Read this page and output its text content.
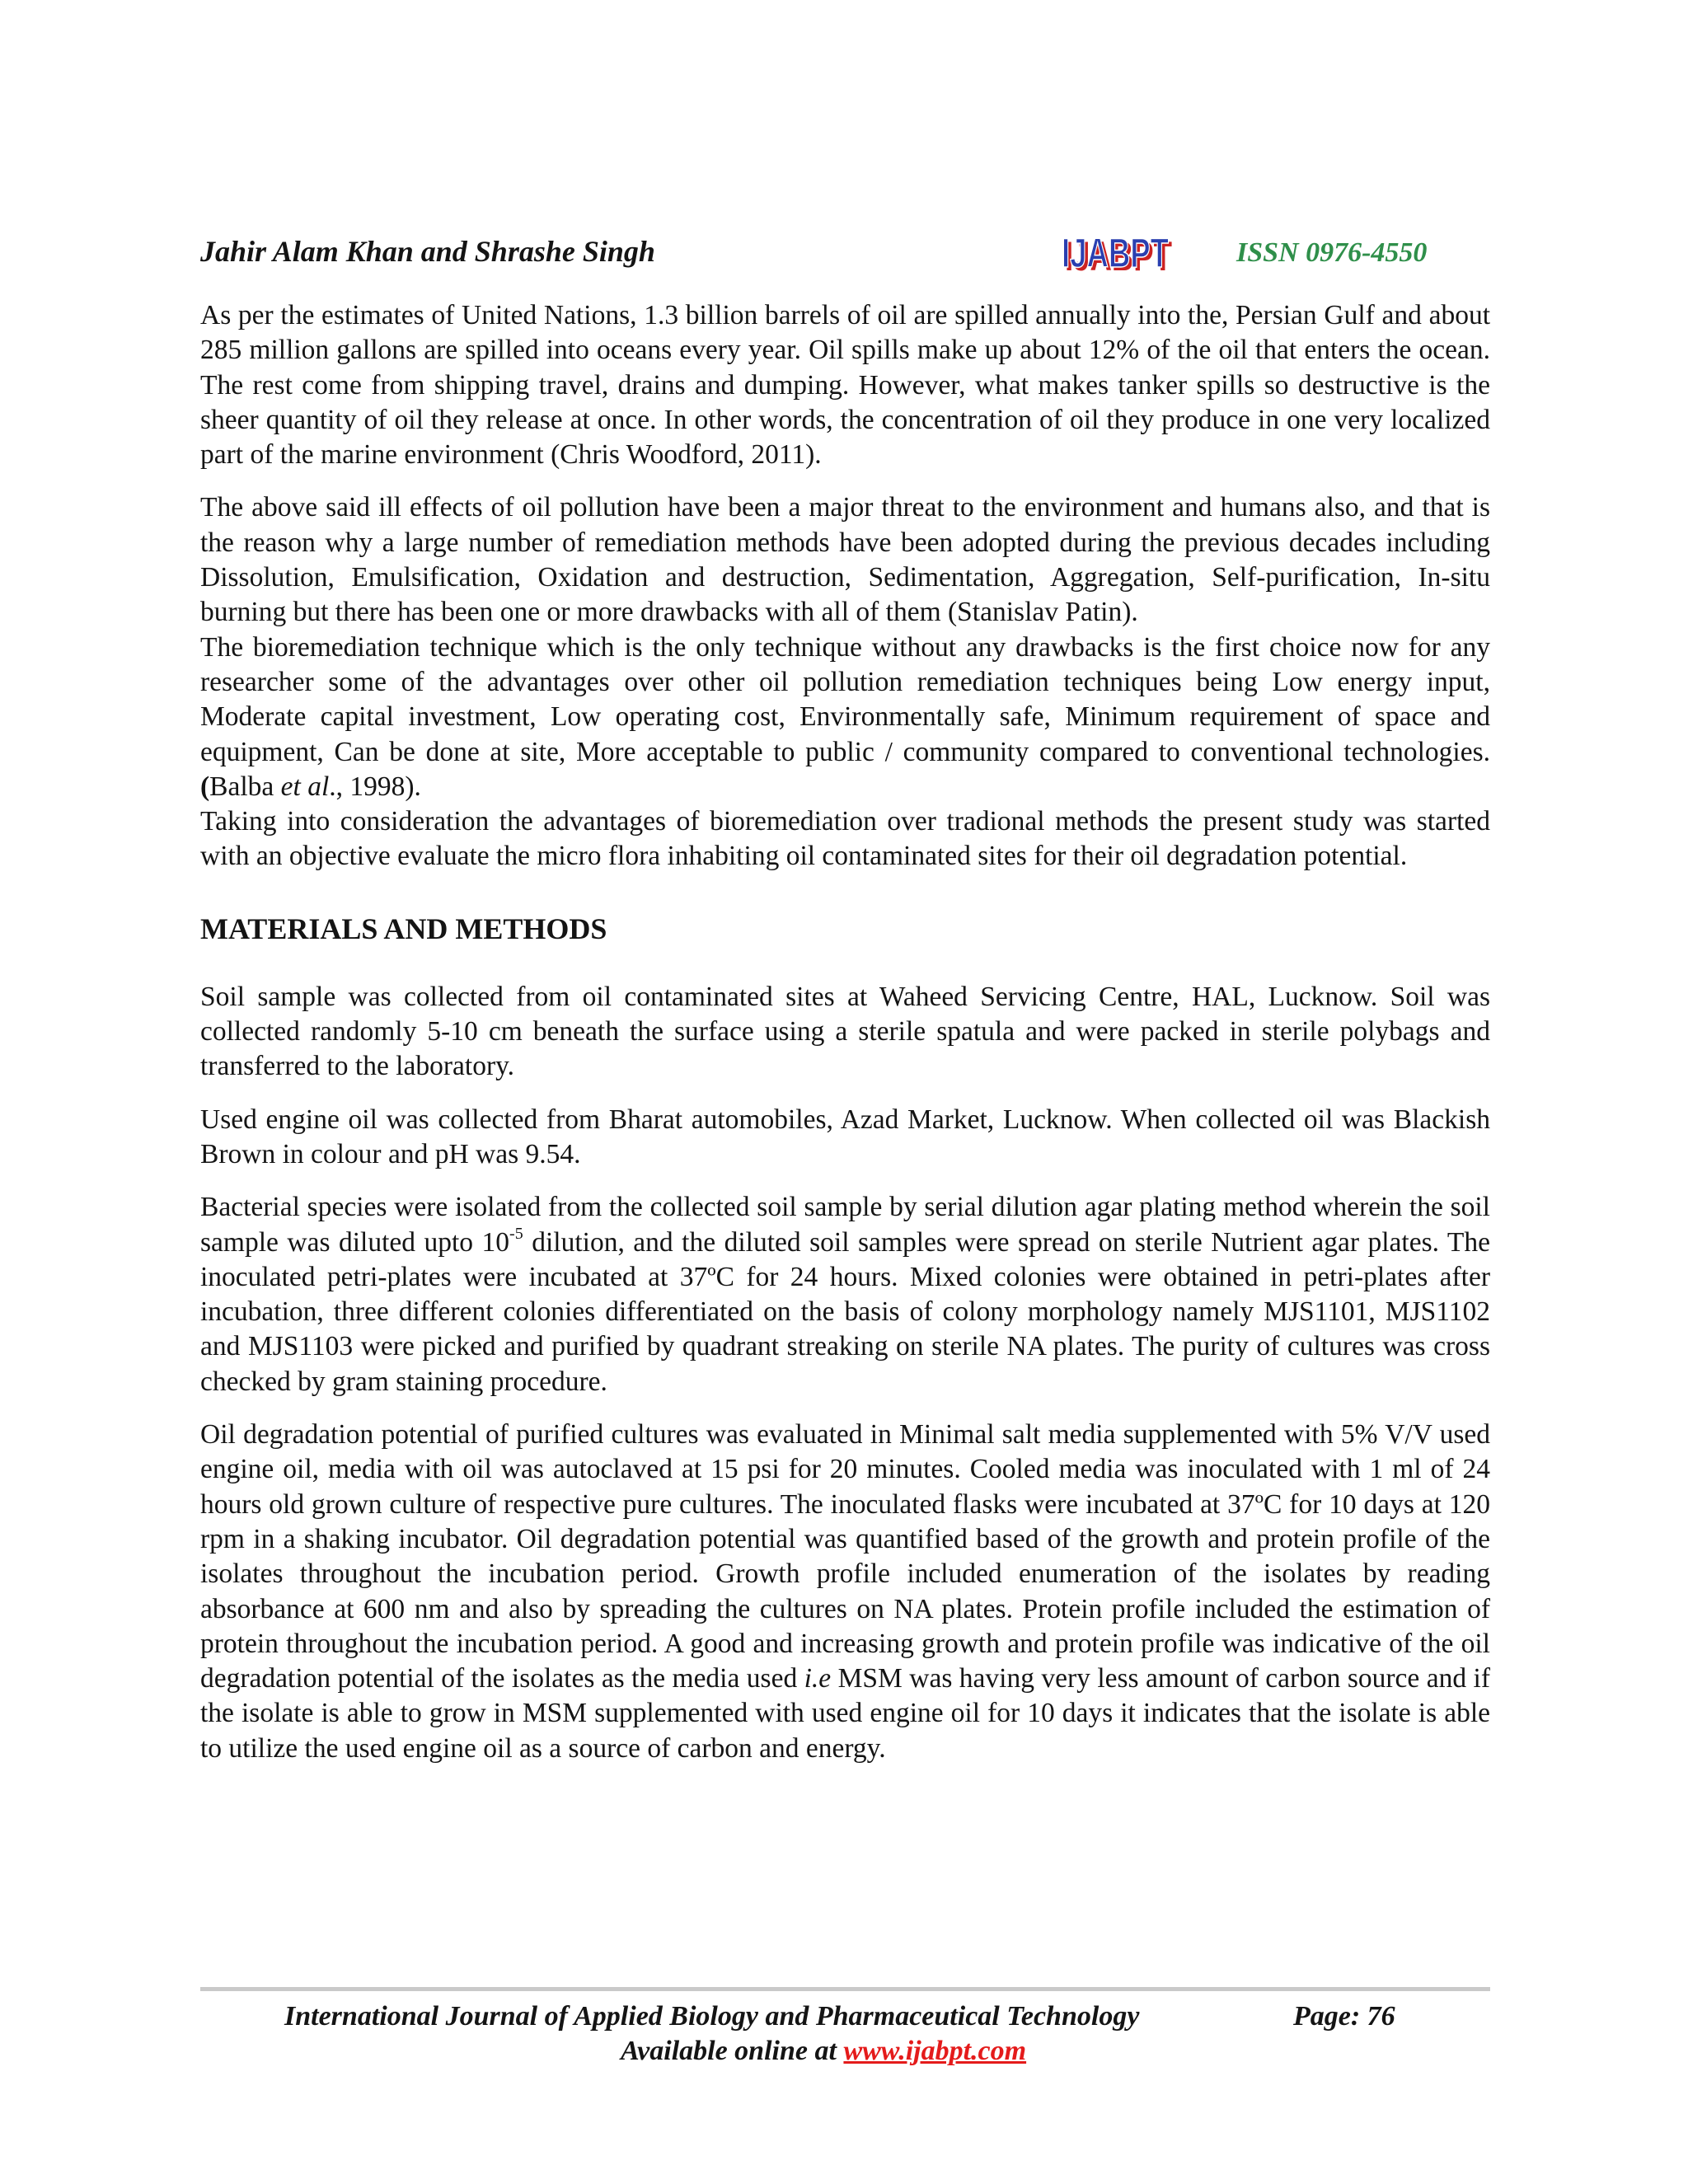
Jahir Alam Khan and Shrashe Singh	IJABPT
IJABPT ISSN 0976-4550

As per the estimates of United Nations, 1.3 billion barrels of oil are spilled annually into the, Persian Gulf and about 285 million gallons are spilled into oceans every year. Oil spills make up about 12% of the oil that enters the ocean. The rest come from shipping travel, drains and dumping. However, what makes tanker spills so destructive is the sheer quantity of oil they release at once. In other words, the concentration of oil they produce in one very localized part of the marine environment (Chris Woodford, 2011).

The above said ill effects of oil pollution have been a major threat to the environment and humans also, and that is the reason why a large number of remediation methods have been adopted during the previous decades including Dissolution, Emulsification, Oxidation and destruction, Sedimentation, Aggregation, Self-purification, In-situ burning but there has been one or more drawbacks with all of them (Stanislav Patin).

The bioremediation technique which is the only technique without any drawbacks is the first choice now for any researcher some of the advantages over other oil pollution remediation techniques being Low energy input, Moderate capital investment, Low operating cost, Environmentally safe, Minimum requirement of space and equipment, Can be done at site, More acceptable to public / community compared to conventional technologies. (Balba et al., 1998).

Taking into consideration the advantages of bioremediation over tradional methods the present study was started with an objective evaluate the micro flora inhabiting oil contaminated sites for their oil degradation potential.

MATERIALS AND METHODS

Soil sample was collected from oil contaminated sites at Waheed Servicing Centre, HAL, Lucknow. Soil was collected randomly 5-10 cm beneath the surface using a sterile spatula and were packed in sterile polybags and transferred to the laboratory.

Used engine oil was collected from Bharat automobiles, Azad Market, Lucknow. When collected oil was Blackish Brown in colour and pH was 9.54.

Bacterial species were isolated from the collected soil sample by serial dilution agar plating method wherein the soil sample was diluted upto $10^{-5}$ dilution, and the diluted soil samples were spread on sterile Nutrient agar plates. The inoculated petri-plates were incubated at 37ºC for 24 hours. Mixed colonies were obtained in petri-plates after incubation, three different colonies differentiated on the basis of colony morphology namely MJS1101, MJS1102 and MJS1103 were picked and purified by quadrant streaking on sterile NA plates. The purity of cultures was cross checked by gram staining procedure.

Oil degradation potential of purified cultures was evaluated in Minimal salt media supplemented with 5% V/V used engine oil, media with oil was autoclaved at 15 psi for 20 minutes. Cooled media was inoculated with 1 ml of 24 hours old grown culture of respective pure cultures. The inoculated flasks were incubated at 37ºC for 10 days at 120 rpm in a shaking incubator. Oil degradation potential was quantified based of the growth and protein profile of the isolates throughout the incubation period. Growth profile included enumeration of the isolates by reading absorbance at 600 nm and also by spreading the cultures on NA plates. Protein profile included the estimation of protein throughout the incubation period. A good and increasing growth and protein profile was indicative of the oil degradation potential of the isolates as the media used i.e MSM was having very less amount of carbon source and if the isolate is able to grow in MSM supplemented with used engine oil for 10 days it indicates that the isolate is able to utilize the used engine oil as a source of carbon and energy.

International Journal of Applied Biology and Pharmaceutical Technology	Page: 76
Available online at www.ijabpt.com
